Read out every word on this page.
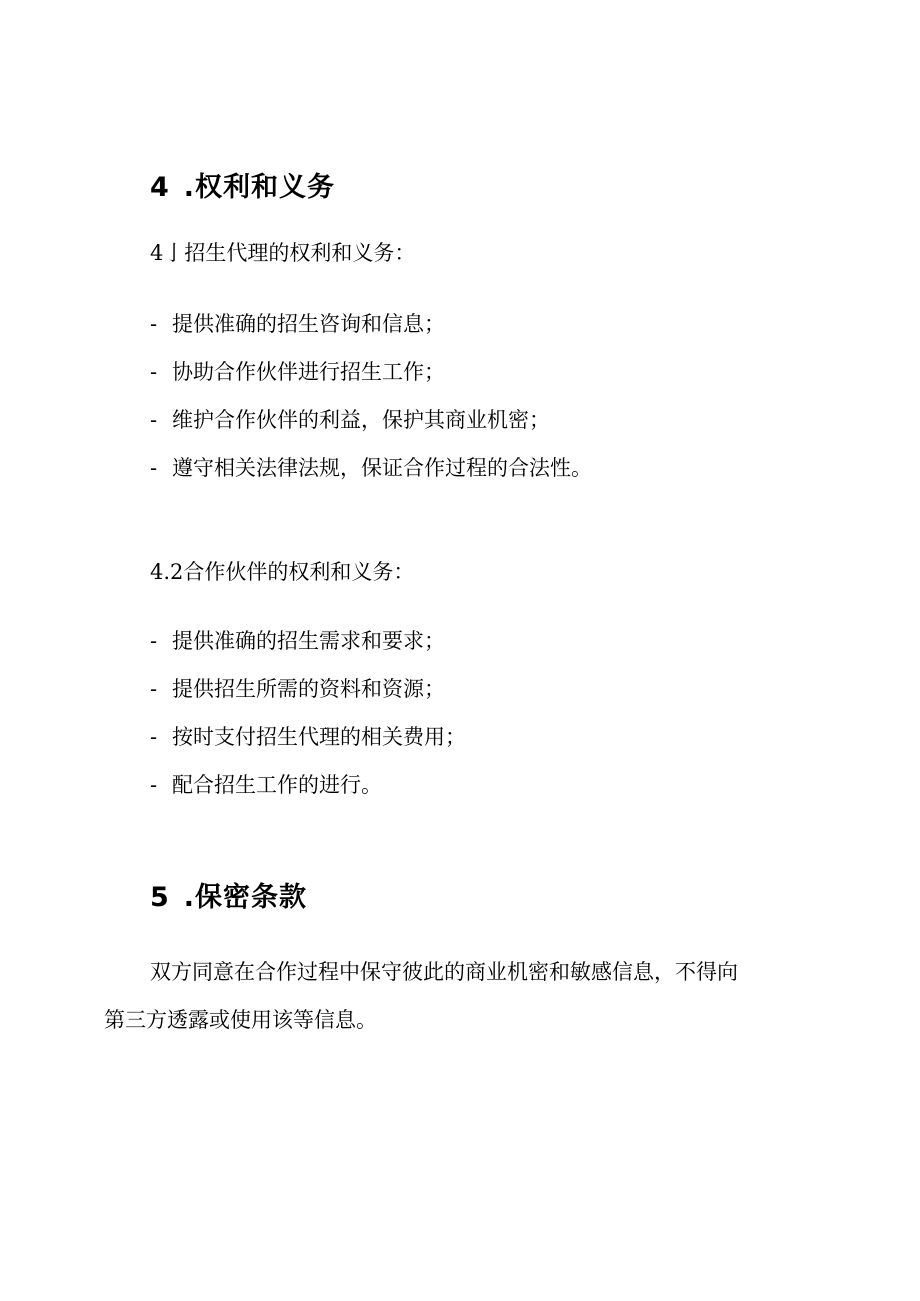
4 .权利和义务
4亅招生代理的权利和义务：
- 提供准确的招生咨询和信息；
- 协助合作伙伴进行招生工作；
- 维护合作伙伴的利益，保护其商业机密；
- 遵守相关法律法规，保证合作过程的合法性。
4.2合作伙伴的权利和义务：
- 提供准确的招生需求和要求；
- 提供招生所需的资料和资源；
- 按时支付招生代理的相关费用；
- 配合招生工作的进行。
5 .保密条款
双方同意在合作过程中保守彼此的商业机密和敏感信息，不得向
第三方透露或使用该等信息。
